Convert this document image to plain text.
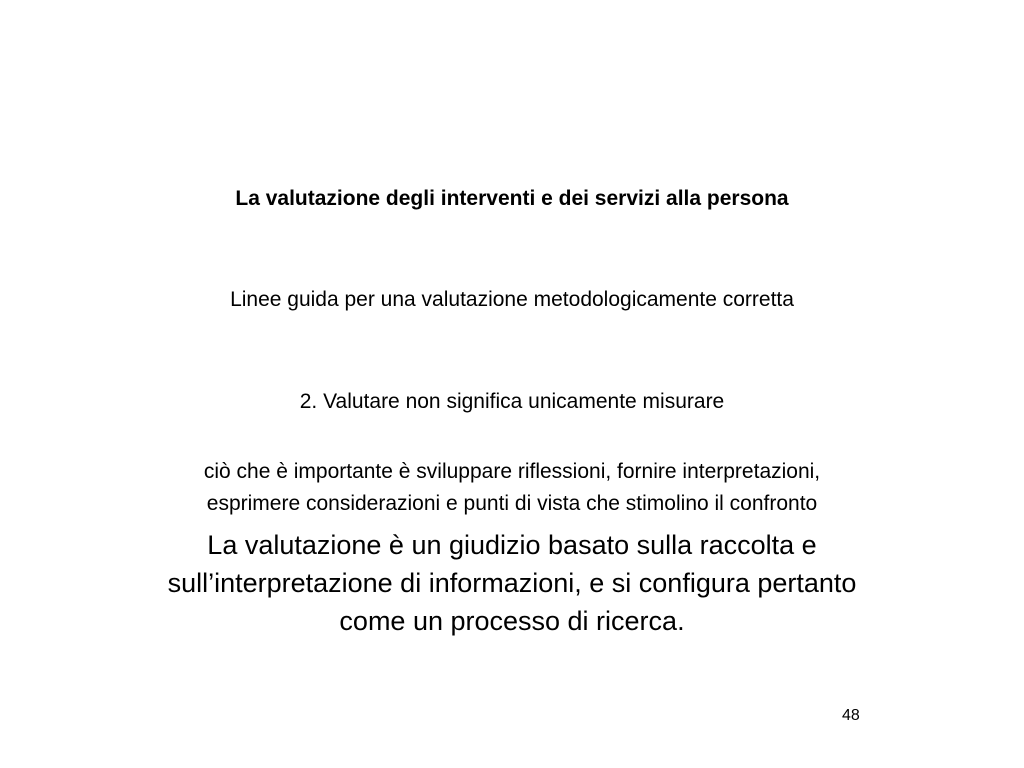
La valutazione degli interventi e dei servizi alla persona
Linee guida per una valutazione metodologicamente corretta
2. Valutare non significa unicamente misurare
ciò che è importante è sviluppare riflessioni, fornire interpretazioni,
esprimere considerazioni e punti di vista che stimolino il confronto
La valutazione è un giudizio basato sulla raccolta e
sull’interpretazione di informazioni, e si configura pertanto
come un processo di ricerca.
48
